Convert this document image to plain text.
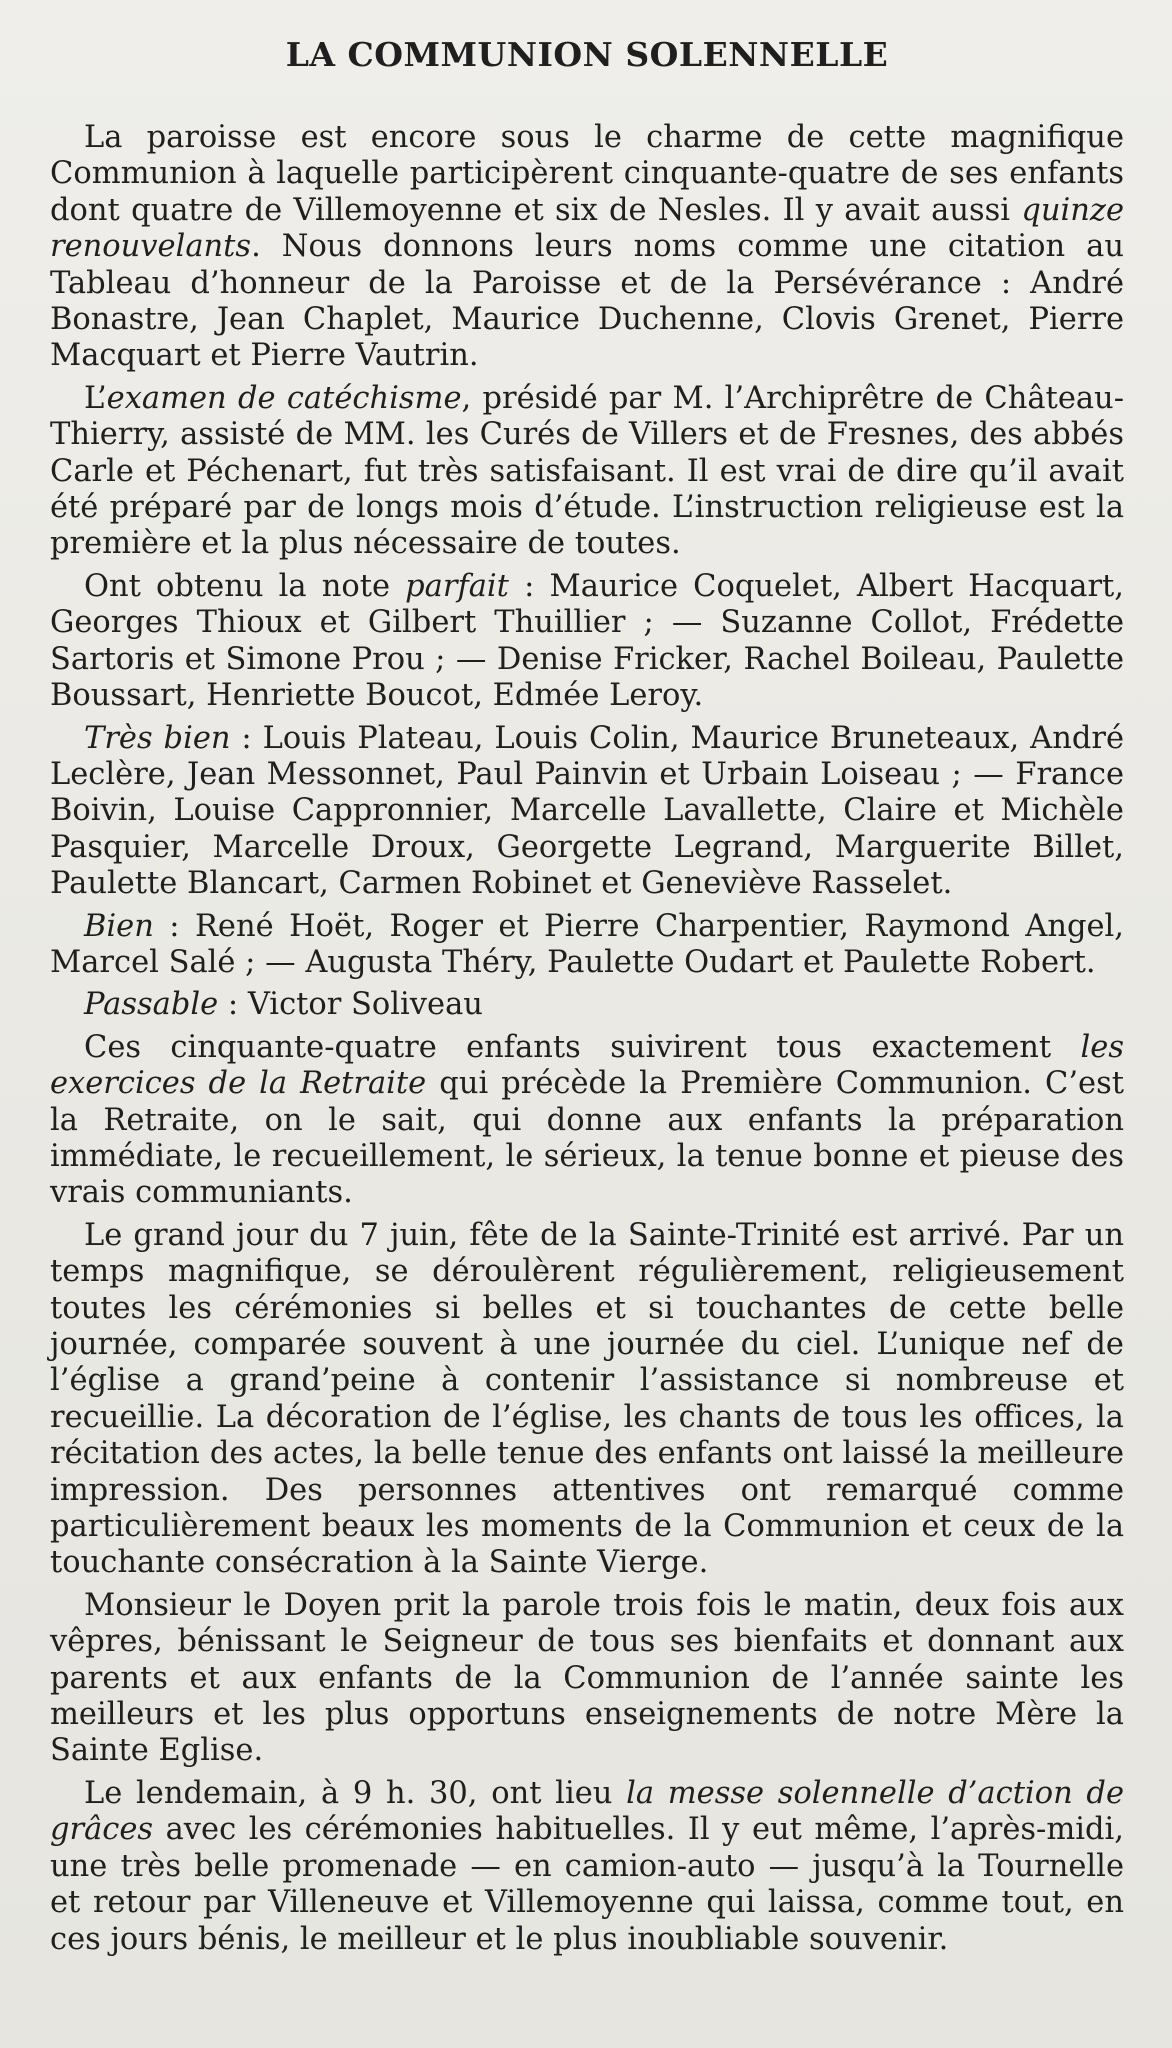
LA COMMUNION SOLENNELLE

La paroisse est encore sous le charme de cette magnifique Communion à laquelle participèrent cinquante-quatre de ses enfants dont quatre de Villemoyenne et six de Nesles. Il y avait aussi quinze renouvelants. Nous donnons leurs noms comme une citation au Tableau d’honneur de la Paroisse et de la Persévérance : André Bonastre, Jean Chaplet, Maurice Duchenne, Clovis Grenet, Pierre Macquart et Pierre Vautrin.

L’examen de catéchisme, présidé par M. l’Archiprêtre de Château-Thierry, assisté de MM. les Curés de Villers et de Fresnes, des abbés Carle et Péchenart, fut très satisfaisant. Il est vrai de dire qu’il avait été préparé par de longs mois d’étude. L’instruction religieuse est la première et la plus nécessaire de toutes.

Ont obtenu la note parfait : Maurice Coquelet, Albert Hacquart, Georges Thioux et Gilbert Thuillier ; — Suzanne Collot, Frédette Sartoris et Simone Prou ; — Denise Fricker, Rachel Boileau, Paulette Boussart, Henriette Boucot, Edmée Leroy.

Très bien : Louis Plateau, Louis Colin, Maurice Bruneteaux, André Leclère, Jean Messonnet, Paul Painvin et Urbain Loiseau ; — France Boivin, Louise Cappronnier, Marcelle Lavallette, Claire et Michèle Pasquier, Marcelle Droux, Georgette Legrand, Marguerite Billet, Paulette Blancart, Carmen Robinet et Geneviève Rasselet.

Bien : René Hoët, Roger et Pierre Charpentier, Raymond Angel, Marcel Salé ; — Augusta Théry, Paulette Oudart et Paulette Robert.

Passable : Victor Soliveau

Ces cinquante-quatre enfants suivirent tous exactement les exercices de la Retraite qui précède la Première Communion. C’est la Retraite, on le sait, qui donne aux enfants la préparation immédiate, le recueillement, le sérieux, la tenue bonne et pieuse des vrais communiants.

Le grand jour du 7 juin, fête de la Sainte-Trinité est arrivé. Par un temps magnifique, se déroulèrent régulièrement, religieusement toutes les cérémonies si belles et si touchantes de cette belle journée, comparée souvent à une journée du ciel. L’unique nef de l’église a grand’peine à contenir l’assistance si nombreuse et recueillie. La décoration de l’église, les chants de tous les offices, la récitation des actes, la belle tenue des enfants ont laissé la meilleure impression. Des personnes attentives ont remarqué comme particulièrement beaux les moments de la Communion et ceux de la touchante consécration à la Sainte Vierge.

Monsieur le Doyen prit la parole trois fois le matin, deux fois aux vêpres, bénissant le Seigneur de tous ses bienfaits et donnant aux parents et aux enfants de la Communion de l’année sainte les meilleurs et les plus opportuns enseignements de notre Mère la Sainte Eglise.

Le lendemain, à 9 h. 30, ont lieu la messe solennelle d’action de grâces avec les cérémonies habituelles. Il y eut même, l’après-midi, une très belle promenade — en camion-auto — jusqu’à la Tournelle et retour par Villeneuve et Villemoyenne qui laissa, comme tout, en ces jours bénis, le meilleur et le plus inoubliable souvenir.
